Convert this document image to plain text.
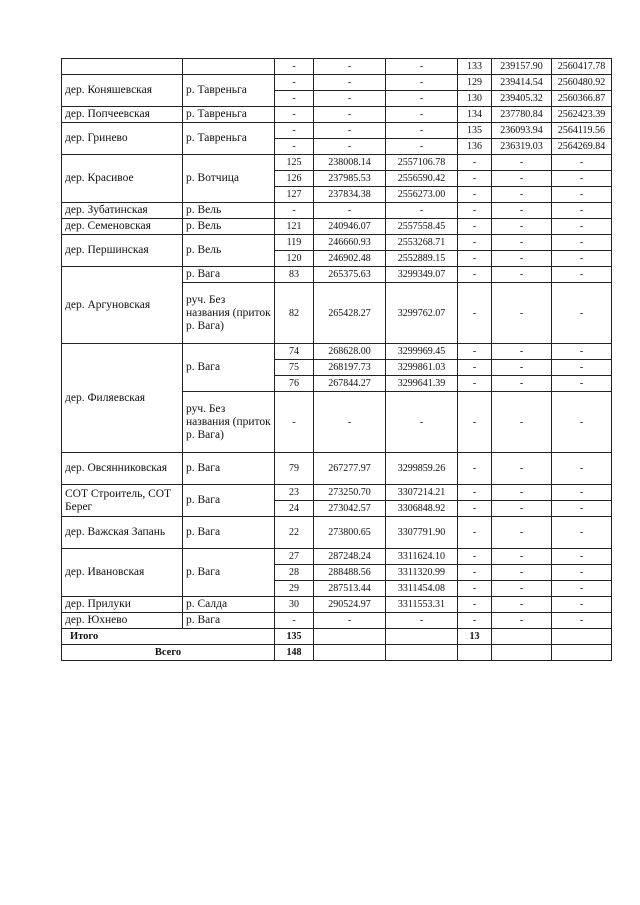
		-	-	-	133	239157.90	2560417.78
дер. Коняшевская	р. Тавреньга	-	-	-	129	239414.54	2560480.92
		-	-	-	130	239405.32	2560366.87
дер. Попчеевская	р. Тавреньга	-	-	-	134	237780.84	2562423.39
дер. Гринево	р. Тавреньга	-	-	-	135	236093.94	2564119.56
		-	-	-	136	236319.03	2564269.84
дер. Красивое	р. Вотчица	125	238008.14	2557106.78	-	-	-
		126	237985.53	2556590.42	-	-	-
		127	237834.38	2556273.00	-	-	-
дер. Зубатинская	р. Вель	-	-	-	-	-	-
дер. Семеновская	р. Вель	121	240946.07	2557558.45	-	-	-
дер. Першинская	р. Вель	119	246660.93	2553268.71	-	-	-
		120	246902.48	2552889.15	-	-	-
дер. Аргуновская	р. Вага	83	265375.63	3299349.07	-	-	-
	руч. Без названия (приток р. Вага)	82	265428.27	3299762.07	-	-	-
дер. Филяевская	р. Вага	74	268628.00	3299969.45	-	-	-
		75	268197.73	3299861.03	-	-	-
		76	267844.27	3299641.39	-	-	-
	руч. Без названия (приток р. Вага)	-	-	-	-	-	-
дер. Овсянниковская	р. Вага	79	267277.97	3299859.26	-	-	-
СОТ Строитель, СОТ Берег	р. Вага	23	273250.70	3307214.21	-	-	-
		24	273042.57	3306848.92	-	-	-
дер. Важская Запань	р. Вага	22	273800.65	3307791.90	-	-	-
дер. Ивановская	р. Вага	27	287248.24	3311624.10	-	-	-
		28	288488.56	3311320.99	-	-	-
		29	287513.44	3311454.08	-	-	-
дер. Прилуки	р. Салда	30	290524.97	3311553.31	-	-	-
дер. Юхнево	р. Вага	-	-	-	-	-	-
Итого		135			13		
Всего		148					
